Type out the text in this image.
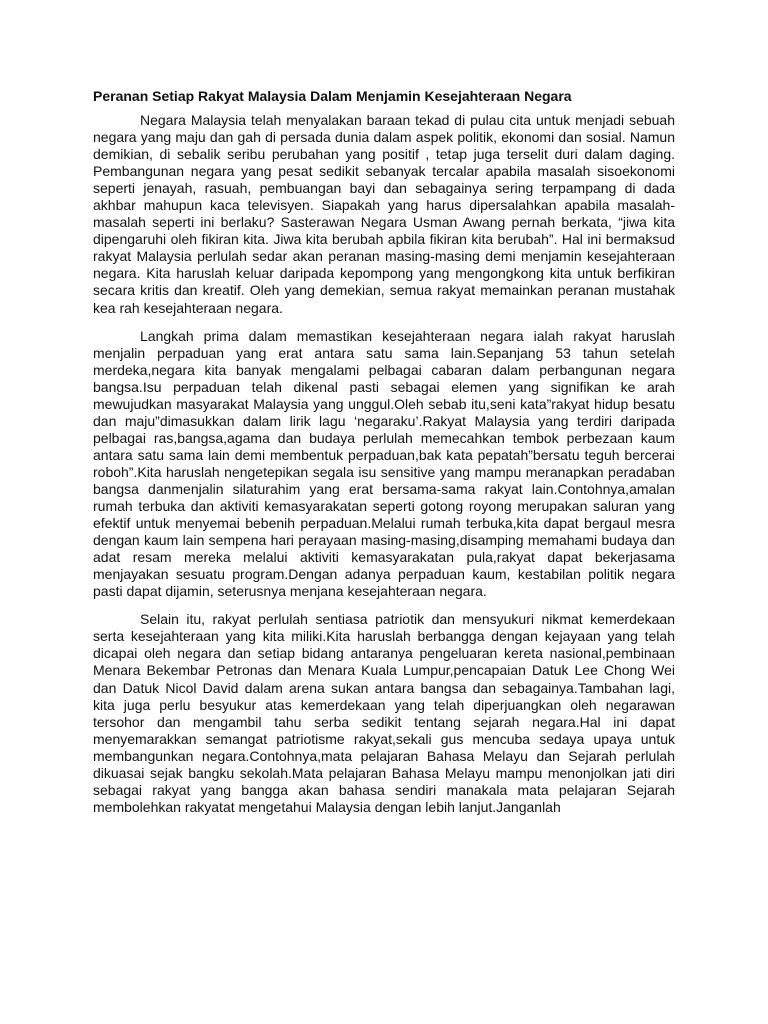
Peranan Setiap Rakyat Malaysia Dalam Menjamin Kesejahteraan Negara

Negara Malaysia telah menyalakan baraan tekad di pulau cita untuk menjadi sebuah negara yang maju dan gah di persada dunia dalam aspek politik, ekonomi dan sosial. Namun demikian, di sebalik seribu perubahan yang positif , tetap juga terselit duri dalam daging. Pembangunan negara yang pesat sedikit sebanyak tercalar apabila masalah sisoekonomi seperti jenayah, rasuah, pembuangan bayi dan sebagainya sering terpampang di dada akhbar mahupun kaca televisyen. Siapakah yang harus dipersalahkan apabila masalah-masalah seperti ini berlaku? Sasterawan Negara Usman Awang pernah berkata, “jiwa kita dipengaruhi oleh fikiran kita. Jiwa kita berubah apbila fikiran kita berubah”. Hal ini bermaksud rakyat Malaysia perlulah sedar akan peranan masing-masing demi menjamin kesejahteraan negara. Kita haruslah keluar daripada kepompong yang mengongkong kita untuk berfikiran secara kritis dan kreatif. Oleh yang demekian, semua rakyat memainkan peranan mustahak kea rah kesejahteraan negara.

Langkah prima dalam memastikan kesejahteraan negara ialah rakyat haruslah menjalin perpaduan yang erat antara satu sama lain.Sepanjang 53 tahun setelah merdeka,negara kita banyak mengalami pelbagai cabaran dalam perbangunan negara bangsa.Isu perpaduan telah dikenal pasti sebagai elemen yang signifikan ke arah mewujudkan masyarakat Malaysia yang unggul.Oleh sebab itu,seni kata”rakyat hidup besatu dan maju”dimasukkan dalam lirik lagu ‘negaraku’.Rakyat Malaysia yang terdiri daripada pelbagai ras,bangsa,agama dan budaya perlulah memecahkan tembok perbezaan kaum antara satu sama lain demi membentuk perpaduan,bak kata pepatah”bersatu teguh bercerai roboh”.Kita haruslah nengetepikan segala isu sensitive yang mampu meranapkan peradaban bangsa danmenjalin silaturahim yang erat bersama-sama rakyat lain.Contohnya,amalan rumah terbuka dan aktiviti kemasyarakatan seperti gotong royong merupakan saluran yang efektif untuk menyemai bebenih perpaduan.Melalui rumah terbuka,kita dapat bergaul mesra dengan kaum lain sempena hari perayaan masing-masing,disamping memahami budaya dan adat resam mereka melalui aktiviti kemasyarakatan pula,rakyat dapat bekerjasama menjayakan sesuatu program.Dengan adanya perpaduan kaum, kestabilan politik negara pasti dapat dijamin, seterusnya menjana kesejahteraan negara.

Selain itu, rakyat perlulah sentiasa patriotik dan mensyukuri nikmat kemerdekaan serta kesejahteraan yang kita miliki.Kita haruslah berbangga dengan kejayaan yang telah dicapai oleh negara dan setiap bidang antaranya pengeluaran kereta nasional,pembinaan Menara Bekembar Petronas dan Menara Kuala Lumpur,pencapaian Datuk Lee Chong Wei dan Datuk Nicol David dalam arena sukan antara bangsa dan sebagainya.Tambahan lagi, kita juga perlu besyukur atas kemerdekaan yang telah diperjuangkan oleh negarawan tersohor dan mengambil tahu serba sedikit tentang sejarah negara.Hal ini dapat menyemarakkan semangat patriotisme rakyat,sekali gus mencuba sedaya upaya untuk membangunkan negara.Contohnya,mata pelajaran Bahasa Melayu dan Sejarah perlulah dikuasai sejak bangku sekolah.Mata pelajaran Bahasa Melayu mampu menonjolkan jati diri sebagai rakyat yang bangga akan bahasa sendiri manakala mata pelajaran Sejarah membolehkan rakyatat mengetahui Malaysia dengan lebih lanjut.Janganlah
